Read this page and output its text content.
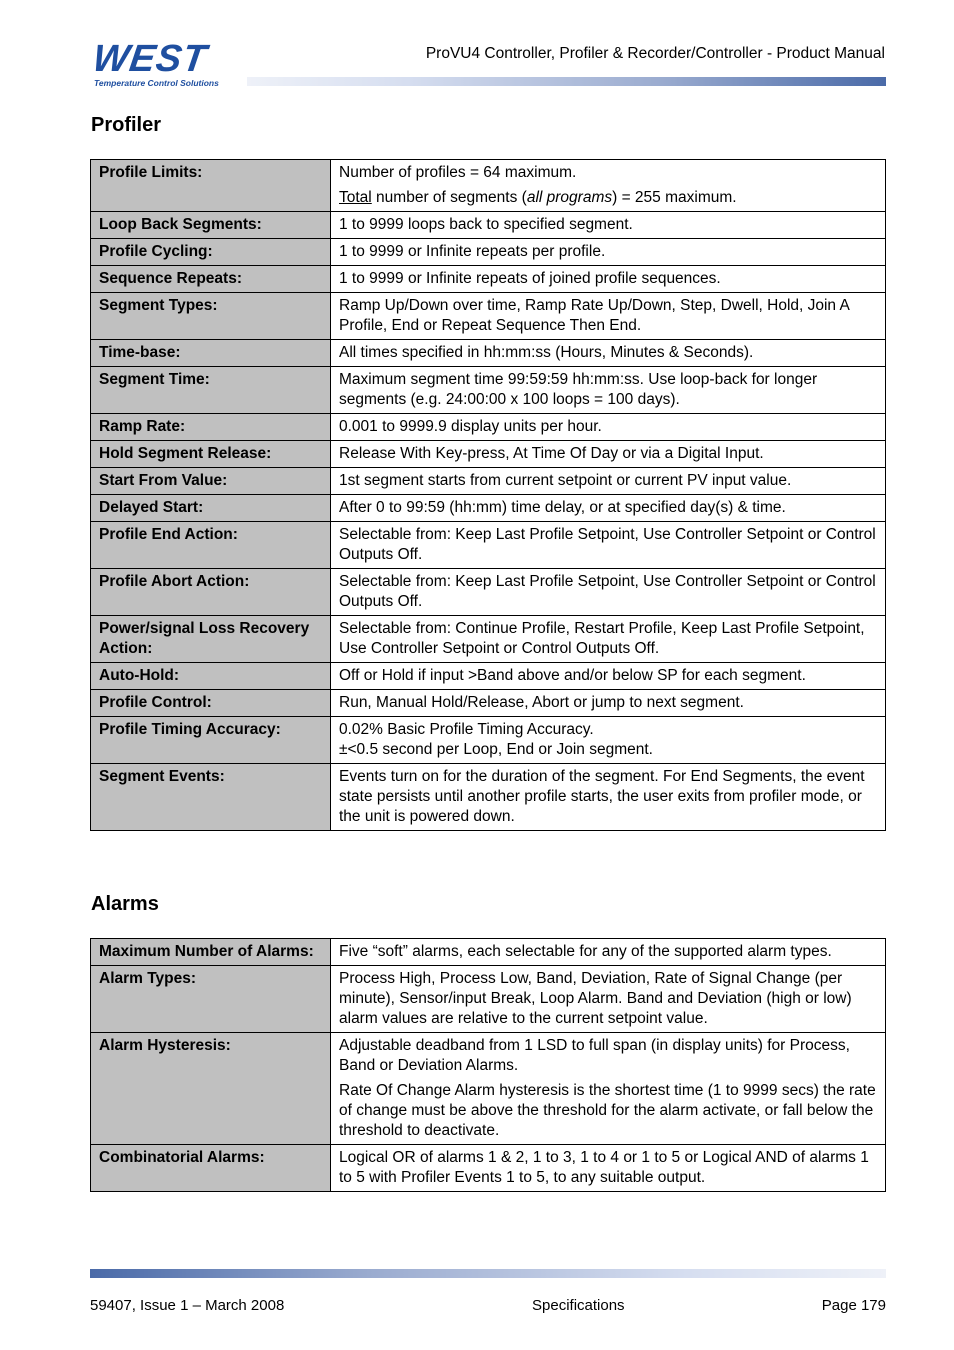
WEST
Temperature Control Solutions
ProVU4 Controller, Profiler & Recorder/Controller - Product Manual
Profiler
Profile Limits:	Number of profiles = 64 maximum.
Total number of segments (all programs) = 255 maximum.

Loop Back Segments:	1 to 9999 loops back to specified segment.
Profile Cycling:	1 to 9999 or Infinite repeats per profile.
Sequence Repeats:	1 to 9999 or Infinite repeats of joined profile sequences.
Segment Types:	Ramp Up/Down over time, Ramp Rate Up/Down, Step, Dwell, Hold, Join A Profile, End or Repeat Sequence Then End.
Time-base:	All times specified in hh:mm:ss (Hours, Minutes & Seconds).
Segment Time:	Maximum segment time 99:59:59 hh:mm:ss. Use loop-back for longer segments (e.g. 24:00:00 x 100 loops = 100 days).
Ramp Rate:	0.001 to 9999.9 display units per hour.
Hold Segment Release:	Release With Key-press, At Time Of Day or via a Digital Input.
Start From Value:	1st segment starts from current setpoint or current PV input value.
Delayed Start:	After 0 to 99:59 (hh:mm) time delay, or at specified day(s) & time.
Profile End Action:	Selectable from: Keep Last Profile Setpoint, Use Controller Setpoint or Control Outputs Off.
Profile Abort Action:	Selectable from: Keep Last Profile Setpoint, Use Controller Setpoint or Control Outputs Off.
Power/signal Loss Recovery Action:	Selectable from: Continue Profile, Restart Profile, Keep Last Profile Setpoint, Use Controller Setpoint or Control Outputs Off.
Auto-Hold:	Off or Hold if input >Band above and/or below SP for each segment.
Profile Control:	Run, Manual Hold/Release, Abort or jump to next segment.
Profile Timing Accuracy:	0.02% Basic Profile Timing Accuracy.
±<0.5 second per Loop, End or Join segment.

Segment Events:	Events turn on for the duration of the segment. For End Segments, the event state persists until another profile starts, the user exits from profiler mode, or the unit is powered down.
Alarms
Maximum Number of Alarms:	Five “soft” alarms, each selectable for any of the supported alarm types.
Alarm Types:	Process High, Process Low, Band, Deviation, Rate of Signal Change (per minute), Sensor/input Break, Loop Alarm. Band and Deviation (high or low) alarm values are relative to the current setpoint value.
Alarm Hysteresis:	Adjustable deadband from 1 LSD to full span (in display units) for Process, Band or Deviation Alarms.
Rate Of Change Alarm hysteresis is the shortest time (1 to 9999 secs) the rate of change must be above the threshold for the alarm activate, or fall below the threshold to deactivate.

Combinatorial Alarms:	Logical OR of alarms 1 & 2, 1 to 3, 1 to 4 or 1 to 5 or Logical AND of alarms 1 to 5 with Profiler Events 1 to 5, to any suitable output.
59407, Issue 1 – March 2008	Specifications	Page 179
